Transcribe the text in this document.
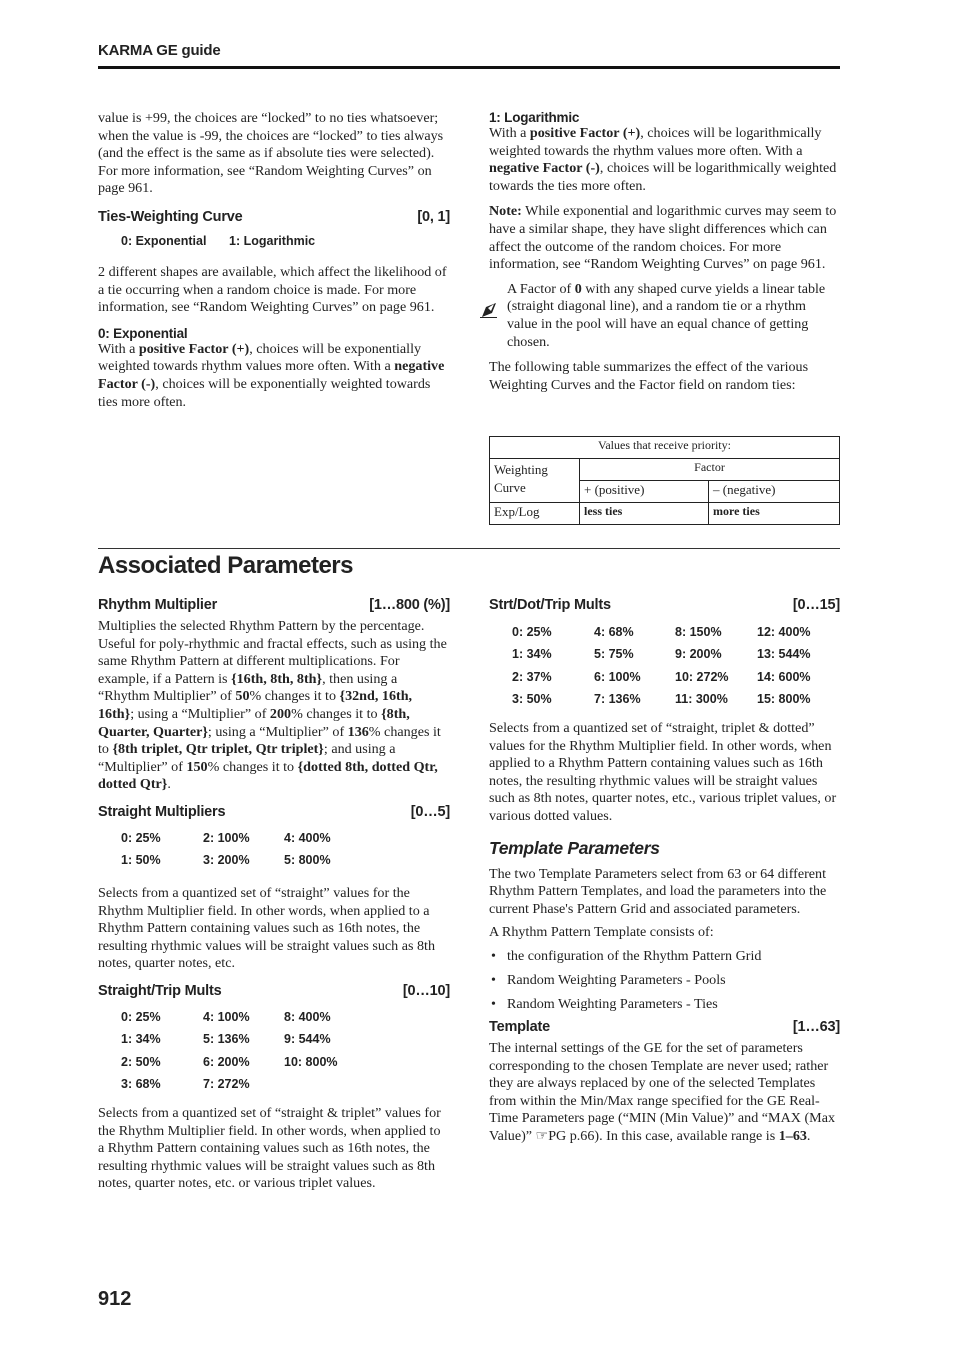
KARMA GE guide

value is +99, the choices are “locked” to no ties whatsoever; when the value is -99, the choices are “locked” to ties always (and the effect is the same as if absolute ties were selected). For more information, see “Random Weighting Curves” on page 961.

Ties-Weighting Curve	[0, 1]
0: Exponential 1: Logarithmic

2 different shapes are available, which affect the likelihood of a tie occurring when a random choice is made. For more information, see “Random Weighting Curves” on page 961.

0: Exponential

With a positive Factor (+), choices will be exponentially weighted towards rhythm values more often. With a negative Factor (-), choices will be exponentially weighted towards ties more often.

1: Logarithmic

With a positive Factor (+), choices will be logarithmically weighted towards the rhythm values more often. With a negative Factor (-), choices will be logarithmically weighted towards the ties more often.

Note: While exponential and logarithmic curves may seem to have a similar shape, they have slight differences which can affect the outcome of the random choices. For more information, see “Random Weighting Curves” on page 961.

A Factor of 0 with any shaped curve yields a linear table (straight diagonal line), and a random tie or a rhythm value in the pool will have an equal chance of getting chosen.

The following table summarizes the effect of the various Weighting Curves and the Factor field on random ties:

Values that receive priority:		
Weighting Curve	Factor	
	+ (positive)	– (negative)
Exp/Log	less ties	more ties
Associated Parameters
Rhythm Multiplier	[1…800 (%)]

Multiplies the selected Rhythm Pattern by the percentage. Useful for poly-rhythmic and fractal effects, such as using the same Rhythm Pattern at different multiplications. For example, if a Pattern is {16th, 8th, 8th}, then using a “Rhythm Multiplier” of 50% changes it to {32nd, 16th, 16th}; using a “Multiplier” of 200% changes it to {8th, Quarter, Quarter}; using a “Multiplier” of 136% changes it to {8th triplet, Qtr triplet, Qtr triplet}; and using a “Multiplier” of 150% changes it to {dotted 8th, dotted Qtr, dotted Qtr}.

Straight Multipliers	[0…5]
0: 25%	2: 100%	4: 400%
1: 50%	3: 200%	5: 800%

Selects from a quantized set of “straight” values for the Rhythm Multiplier field. In other words, when applied to a Rhythm Pattern containing values such as 16th notes, the resulting rhythmic values will be straight values such as 8th notes, quarter notes, etc.

Straight/Trip Mults	[0…10]
0: 25%	4: 100%	8: 400%
1: 34%	5: 136%	9: 544%
2: 50%	6: 200%	10: 800%
3: 68%	7: 272%

Selects from a quantized set of “straight & triplet” values for the Rhythm Multiplier field. In other words, when applied to a Rhythm Pattern containing values such as 16th notes, the resulting rhythmic values will be straight values such as 8th notes, quarter notes, etc. or various triplet values.

Strt/Dot/Trip Mults	[0…15]
0: 25%	4: 68%	8: 150%	12: 400%
1: 34%	5: 75%	9: 200%	13: 544%
2: 37%	6: 100%	10: 272% 14: 600%
3: 50%	7: 136%	11: 300% 15: 800%

Selects from a quantized set of “straight, triplet & dotted” values for the Rhythm Multiplier field. In other words, when applied to a Rhythm Pattern containing values such as 16th notes, the resulting rhythmic values will be straight values such as 8th notes, quarter notes, etc., various triplet values, or various dotted values.

Template Parameters

The two Template Parameters select from 63 or 64 different Rhythm Pattern Templates, and load the parameters into the current Phase's Pattern Grid and associated parameters.

A Rhythm Pattern Template consists of:

• the configuration of the Rhythm Pattern Grid
• Random Weighting Parameters - Pools
• Random Weighting Parameters - Ties
Template	[1…63]

The internal settings of the GE for the set of parameters corresponding to the chosen Template are never used; rather they are always replaced by one of the selected Templates from within the Min/Max range specified for the GE Real-Time Parameters page (“MIN (Min Value)” and “MAX (Max Value)” ☞PG p.66). In this case, available range is 1–63.

912
